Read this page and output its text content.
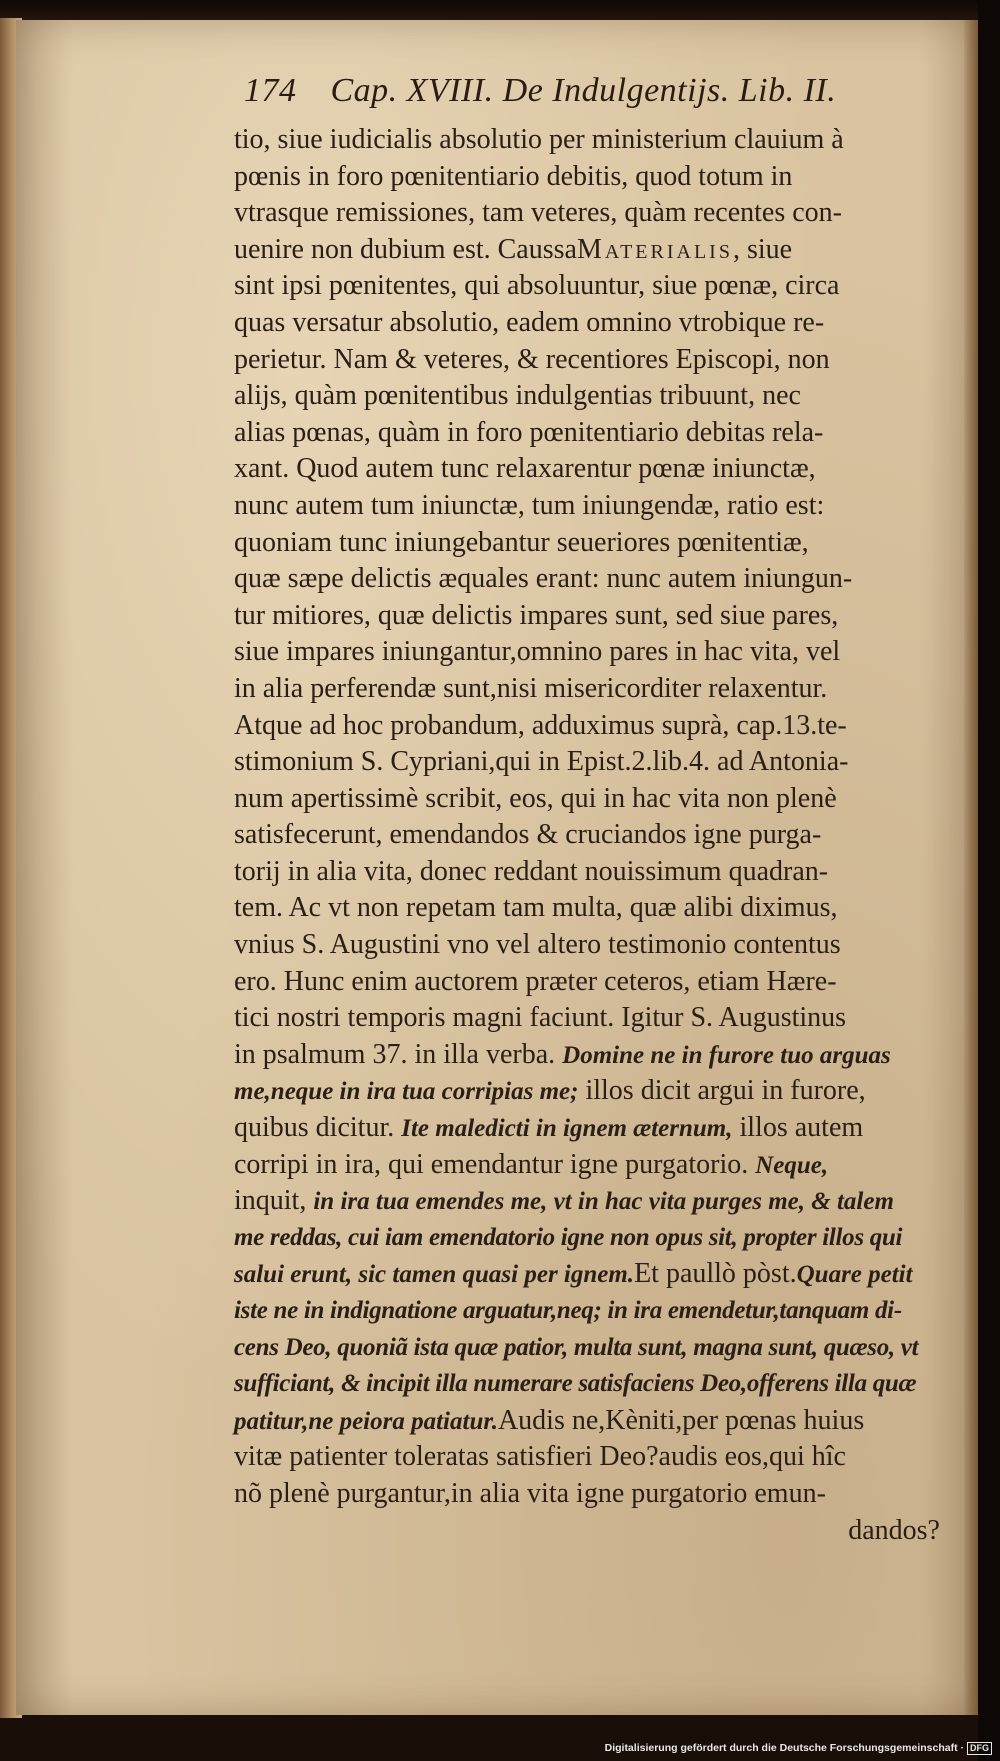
174 Cap. XVIII. De Indulgentijs. Lib. II.
tio, siue iudicialis absolutio per ministerium clauium à
pœnis in foro pœnitentiario debitis, quod totum in
vtrasque remissiones, tam veteres, quàm recentes con-
uenire non dubium est. CaussaMaterialis, siue
sint ipsi pœnitentes, qui absoluuntur, siue pœnæ, circa
quas versatur absolutio, eadem omnino vtrobique re-
perietur. Nam & veteres, & recentiores Episcopi, non
alijs, quàm pœnitentibus indulgentias tribuunt, nec
alias pœnas, quàm in foro pœnitentiario debitas rela-
xant. Quod autem tunc relaxarentur pœnæ iniunctæ,
nunc autem tum iniunctæ, tum iniungendæ, ratio est:
quoniam tunc iniungebantur seueriores pœnitentiæ,
quæ sæpe delictis æquales erant: nunc autem iniungun-
tur mitiores, quæ delictis impares sunt, sed siue pares,
siue impares iniungantur,omnino pares in hac vita, vel
in alia perferendæ sunt,nisi misericorditer relaxentur.
Atque ad hoc probandum, adduximus suprà, cap.13.te-
stimonium S. Cypriani,qui in Epist.2.lib.4. ad Antonia-
num apertissimè scribit, eos, qui in hac vita non plenè
satisfecerunt, emendandos & cruciandos igne purga-
torij in alia vita, donec reddant nouissimum quadran-
tem. Ac vt non repetam tam multa, quæ alibi diximus,
vnius S. Augustini vno vel altero testimonio contentus
ero. Hunc enim auctorem præter ceteros, etiam Hære-
tici nostri temporis magni faciunt. Igitur S. Augustinus
in psalmum 37. in illa verba. Domine ne in furore tuo arguas
me,neque in ira tua corripias me; illos dicit argui in furore,
quibus dicitur. Ite maledicti in ignem æternum, illos autem
corripi in ira, qui emendantur igne purgatorio. Neque,
inquit, in ira tua emendes me, vt in hac vita purges me, & talem
me reddas, cui iam emendatorio igne non opus sit, propter illos qui
salui erunt, sic tamen quasi per ignem.Et paullò pòst.Quare petit
iste ne in indignatione arguatur,neq; in ira emendetur,tanquam di-
cens Deo, quoniã ista quæ patior, multa sunt, magna sunt, quæso, vt
sufficiant, & incipit illa numerare satisfaciens Deo,offerens illa quæ
patitur,ne peiora patiatur.Audis ne,Kèniti,per pœnas huius
vitæ patienter toleratas satisfieri Deo?audis eos,qui hîc
nõ plenè purgantur,in alia vita igne purgatorio emun-
dandos?
Digitalisierung gefördert durch die Deutsche Forschungsgemeinschaft · DFG
